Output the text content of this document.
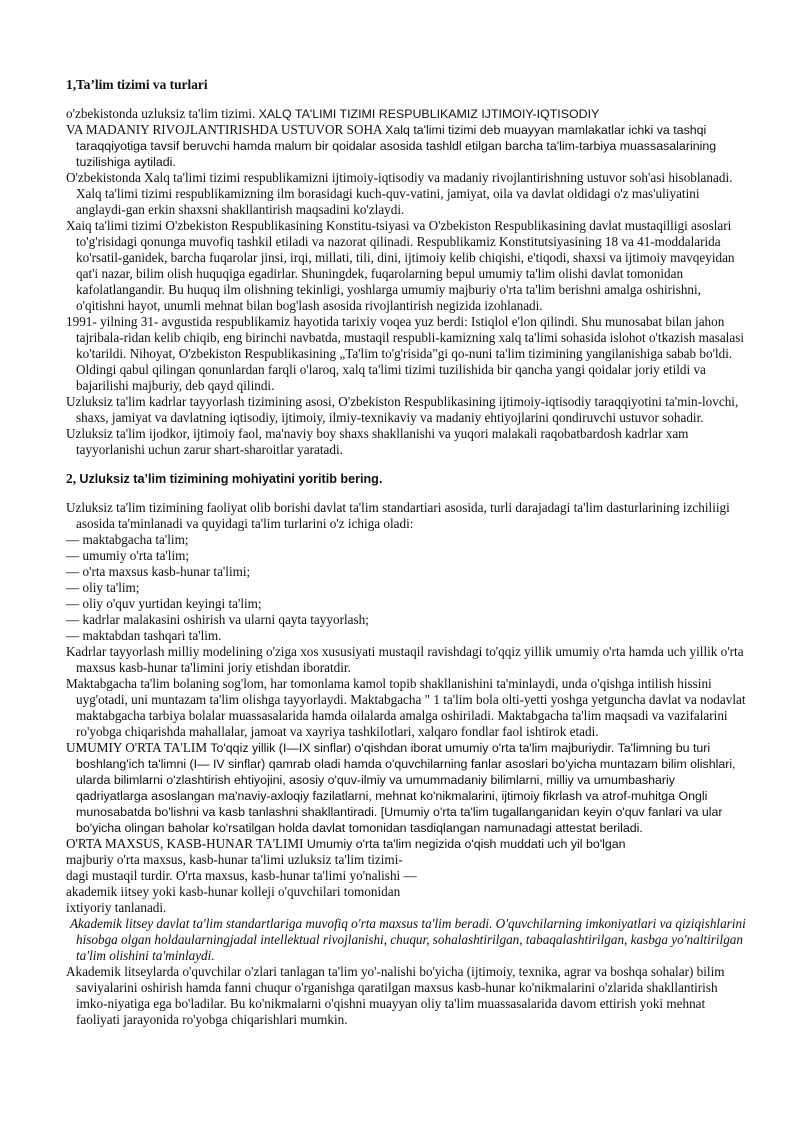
1,Ta’lim tizimi va turlari

o'zbekistonda uzluksiz ta'lim tizimi. XALQ TA'LIMI TIZIMI RESPUBLIKAMIZ IJTIMOIY-IQTISODIY

VA MADANIY RIVOJLANTIRISHDA USTUVOR SOHA Xalq ta'limi tizimi deb muayyan mamlakatlar ichki va tashqi taraqqiyotiga tavsif beruvchi hamda malum bir qoidalar asosida tashldl etilgan barcha ta'lim-tarbiya muassasalarining tuzilishiga aytiladi.

O'zbekistonda Xalq ta'limi tizimi respublikamizni ijtimoiy-iqtisodiy va madaniy rivojlantirishning ustuvor soh'asi hisoblanadi. Xalq ta'limi tizimi respublikamizning ilm borasidagi kuch-quv-vatini, jamiyat, oila va davlat oldidagi o'z mas'uliyatini anglaydi-gan erkin shaxsni shakllantirish maqsadini ko'zlaydi.

Xaiq ta'limi tizimi O'zbekiston Respublikasining Konstitu-tsiyasi va O'zbekiston Respublikasining davlat mustaqilligi asoslari to'g'risidagi qonunga muvofiq tashkil etiladi va nazorat qilinadi. Respublikamiz Konstitutsiyasining 18 va 41-moddalarida ko'rsatil-ganidek, barcha fuqarolar jinsi, irqi, millati, tili, dini, ijtimoiy kelib chiqishi, e'tiqodi, shaxsi va ijtimoiy mavqeyidan qat'i nazar, bilim olish huquqiga egadirlar. Shuningdek, fuqarolarning bepul umumiy ta'lim olishi davlat tomonidan kafolatlangandir. Bu huquq ilm olishning tekinligi, yoshlarga umumiy majburiy o'rta ta'lim berishni amalga oshirishni, o'qitishni hayot, unumli mehnat bilan bog'lash asosida rivojlantirish negizida izohlanadi.

1991- yilning 31- avgustida respublikamiz hayotida tarixiy voqea yuz berdi: Istiqlol e'lon qilindi. Shu munosabat bilan jahon tajribala-ridan kelib chiqib, eng birinchi navbatda, mustaqil respubli-kamizning xalq ta'limi sohasida islohot o'tkazish masalasi ko'tarildi. Nihoyat, O'zbekiston Respublikasining „Ta'lim to'g'risida"gi qo-nuni ta'lim tizimining yangilanishiga sabab bo'ldi. Oldingi qabul qilingan qonunlardan farqli o'laroq, xalq ta'limi tizimi tuzilishida bir qancha yangi qoidalar joriy etildi va bajarilishi majburiy, deb qayd qilindi.

Uzluksiz ta'lim kadrlar tayyorlash tizimining asosi, O'zbekiston Respublikasining ijtimoiy-iqtisodiy taraqqiyotini ta'min-lovchi, shaxs, jamiyat va davlatning iqtisodiy, ijtimoiy, ilmiy-texnikaviy va madaniy ehtiyojlarini qondiruvchi ustuvor sohadir.

Uzluksiz ta'lim ijodkor, ijtimoiy faol, ma'naviy boy shaxs shakllanishi va yuqori malakali raqobatbardosh kadrlar xam tayyorlanishi uchun zarur shart-sharoitlar yaratadi.

2, Uzluksiz ta’lim tizimining mohiyatini yoritib bering.

Uzluksiz ta'lim tizimining faoliyat olib borishi davlat ta'lim standartiari asosida, turli darajadagi ta'lim dasturlarining izchiliigi asosida ta'minlanadi va quyidagi ta'lim turlarini o'z ichiga oladi:

— maktabgacha ta'lim;

— umumiy o'rta ta'lim;

— o'rta maxsus kasb-hunar ta'limi;

— oliy ta'lim;

— oliy o'quv yurtidan keyingi ta'lim;

— kadrlar malakasini oshirish va ularni qayta tayyorlash;

— maktabdan tashqari ta'lim.

Kadrlar tayyorlash milliy modelining o'ziga xos xususiyati mustaqil ravishdagi to'qqiz yillik umumiy o'rta hamda uch yillik o'rta maxsus kasb-hunar ta'limini joriy etishdan iboratdir.

Maktabgacha ta'lim bolaning sog'lom, har tomonlama kamol topib shakllanishini ta'minlaydi, unda o'qishga intilish hissini uyg'otadi, uni muntazam ta'lim olishga tayyorlaydi. Maktabgacha " 1 ta'lim bola olti-yetti yoshga yetguncha davlat va nodavlat maktabgacha tarbiya bolalar muassasalarida hamda oilalarda amalga oshiriladi. Maktabgacha ta'lim maqsadi va vazifalarini ro'yobga chiqarishda mahallalar, jamoat va xayriya tashkilotlari, xalqaro fondlar faol ishtirok etadi.

UMUMIY O'RTA TA'LIM To'qqiz yillik (I—IX sinflar) o'qishdan iborat umumiy o'rta ta'lim majburiydir. Ta'limning bu turi boshlang'ich ta'limni (I— IV sinflar) qamrab oladi hamda o'quvchilarning fanlar asoslari bo'yicha muntazam bilim olishlari, ularda bilimlarni o'zlashtirish ehtiyojini, asosiy o'quv-ilmiy va umummadaniy bilimlarni, milliy va umumbashariy qadriyatlarga asoslangan ma'naviy-axloqiy fazilatlarni, mehnat ko'nikmalarini, ijtimoiy fikrlash va atrof-muhitga Ongli munosabatda bo'lishni va kasb tanlashni shakllantiradi. [Umumiy o'rta ta'lim tugallanganidan keyin o'quv fanlari va ular bo'yicha olingan baholar ko'rsatilgan holda davlat tomonidan tasdiqlangan namunadagi attestat beriladi.

O'RTA MAXSUS, KASB-HUNAR TA'LIMI Umumiy o'rta ta'lim negizida o'qish muddati uch yil bo'lgan

majburiy o'rta maxsus, kasb-hunar ta'limi uzluksiz ta'lim tizimi-

dagi mustaqil turdir. O'rta maxsus, kasb-hunar ta'limi yo'nalishi —

akademik iitsey yoki kasb-hunar kolleji o'quvchilari tomonidan

ixtiyoriy tanlanadi.

Akademik litsey davlat ta'lim standartlariga muvofiq o'rta maxsus ta'lim beradi. O'quvchilarning imkoniyatlari va qiziqishlarini hisobga olgan holdaularningjadal intellektual rivojlanishi, chuqur, sohalashtirilgan, tabaqalashtirilgan, kasbga yo'naltirilgan ta'lim olishini ta'minlaydi.

Akademik litseylarda o'quvchilar o'zlari tanlagan ta'lim yo'-nalishi bo'yicha (ijtimoiy, texnika, agrar va boshqa sohalar) bilim saviyalarini oshirish hamda fanni chuqur o'rganishga qaratilgan maxsus kasb-hunar ko'nikmalarini o'zlarida shakllantirish imko-niyatiga ega bo'ladilar. Bu ko'nikmalarni o'qishni muayyan oliy ta'lim muassasalarida davom ettirish yoki mehnat faoliyati jarayonida ro'yobga chiqarishlari mumkin.
